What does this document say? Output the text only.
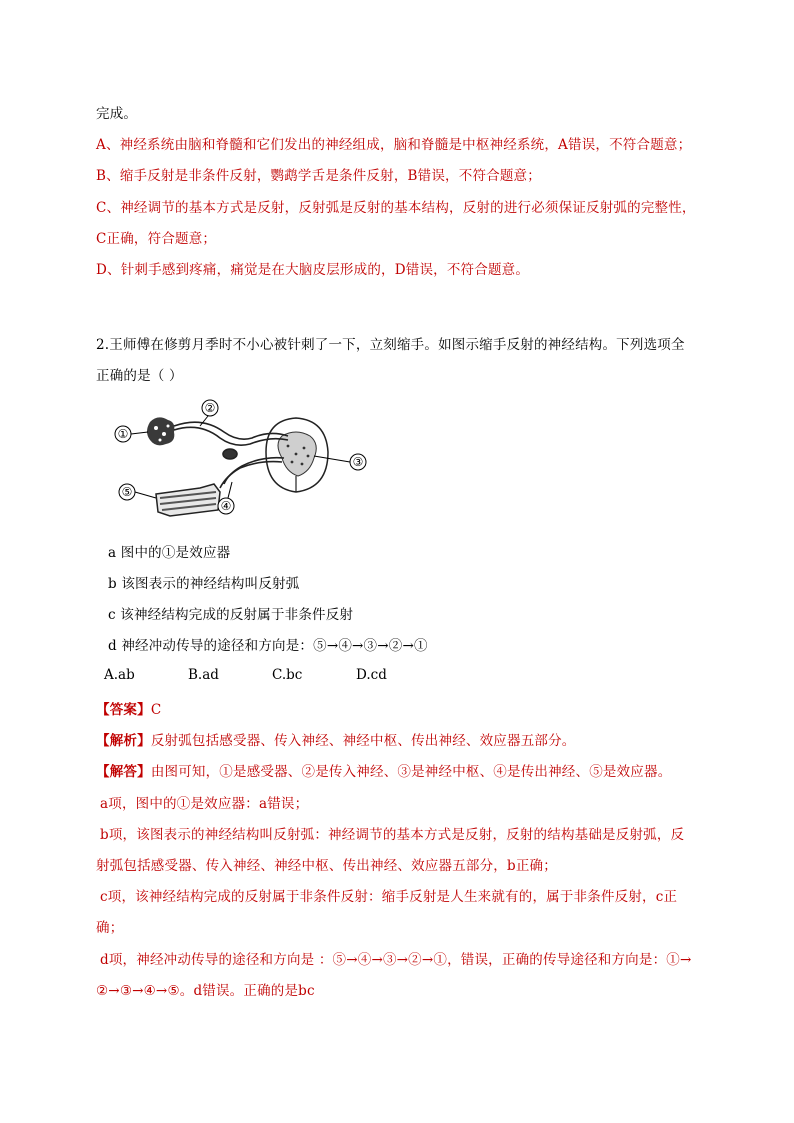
完成。
A、神经系统由脑和脊髓和它们发出的神经组成，脑和脊髓是中枢神经系统，A错误，不符合题意；
B、缩手反射是非条件反射，鹦鹉学舌是条件反射，B错误，不符合题意；
C、神经调节的基本方式是反射，反射弧是反射的基本结构，反射的进行必须保证反射弧的完整性，
C正确，符合题意；
D、针刺手感到疼痛，痛觉是在大脑皮层形成的，D错误，不符合题意。
2.王师傅在修剪月季时不小心被针刺了一下，立刻缩手。如图示缩手反射的神经结构。下列选项全
正确的是（ ）
①
②
③
④
⑤
a 图中的①是效应器
b 该图表示的神经结构叫反射弧
c 该神经结构完成的反射属于非条件反射
d 神经冲动传导的途径和方向是：⑤→④→③→②→①
A.ab	B.ad	C.bc	D.cd
【答案】C
【解析】反射弧包括感受器、传入神经、神经中枢、传出神经、效应器五部分。
【解答】由图可知，①是感受器、②是传入神经、③是神经中枢、④是传出神经、⑤是效应器。
a项，图中的①是效应器：a错误；
b项，该图表示的神经结构叫反射弧：神经调节的基本方式是反射，反射的结构基础是反射弧，反
射弧包括感受器、传入神经、神经中枢、传出神经、效应器五部分，b正确；
c项，该神经结构完成的反射属于非条件反射：缩手反射是人生来就有的，属于非条件反射，c正
确；
d项，神经冲动传导的途径和方向是 ：⑤→④→③→②→①，错误，正确的传导途径和方向是：①→
②→③→④→⑤。d错误。正确的是bc
